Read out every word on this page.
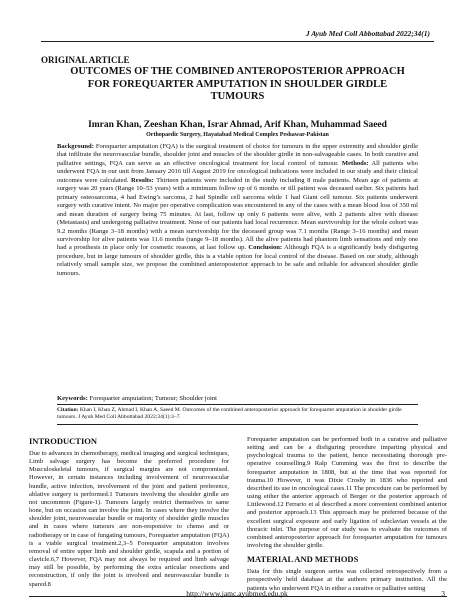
J Ayub Med Coll Abbottabad 2022;34(1)
ORIGINAL ARTICLE
OUTCOMES OF THE COMBINED ANTEROPOSTERIOR APPROACH
FOR FOREQUARTER AMPUTATION IN SHOULDER GIRDLE
TUMOURS
Imran Khan, Zeeshan Khan, Israr Ahmad, Arif Khan, Muhammad Saeed
Orthopaedic Surgery, Hayatabad Medical Complex Peshawar-Pakistan
Background: Forequarter amputation (FQA) is the surgical treatment of choice for tumours in the upper extremity and shoulder girdle that infiltrate the neurovascular bundle, shoulder joint and muscles of the shoulder girdle in non-salvageable cases. In both curative and palliative settings, FQA can serve as an effective oncological treatment for local control of tumour. Methods: All patients who underwent FQA in our unit from January 2016 till August 2019 for oncological indications were included in our study and their clinical outcomes were calculated. Results: Thirteen patients were included in the study including 8 male patients. Mean age of patients at surgery was 20 years (Range 10–53 years) with a minimum follow up of 6 months or till patient was deceased earlier. Six patients had primary osteosarcoma, 4 had Ewing’s sarcoma, 2 had Spindle cell sarcoma while 1 had Giant cell tumour. Six patients underwent surgery with curative intent. No major per operative complication was encountered in any of the cases with a mean blood loss of 350 ml and mean duration of surgery being 75 minutes. At last, follow up only 6 patients were alive, with 2 patients alive with disease (Metastasis) and undergoing palliative treatment. None of our patients had local recurrence. Mean survivorship for the whole cohort was 9.2 months (Range 3–18 months) with a mean survivorship for the deceased group was 7.1 months (Range 3–16 months) and mean survivorship for alive patients was 11.6 months (range 9–18 months). All the alive patients had phantom limb sensations and only one had a prosthesis in place only for cosmetic reasons, at last follow up. Conclusion: Although FQA is a significantly body disfiguring procedure, but in large tumours of shoulder girdle, this is a viable option for local control of the disease. Based on our study, although relatively small sample size, we propose the combined anteroposterior approach to be safe and reliable for advanced shoulder girdle tumours.
Keywords: Forequarter amputation; Tumour; Shoulder joint
Citation: Khan I, Khan Z, Ahmad I, Khan A, Saeed M. Outcomes of the combined anteroposterior approach for forequarter amputation in shoulder girdle tumours. J Ayub Med Coll Abbottabad 2022;34(1):3–7.
INTRODUCTION

Due to advances in chemotherapy, medical imaging and surgical techniques, Limb salvage surgery has become the preferred procedure for Musculoskeletal tumours, if surgical margins are not compromised. However, in certain instances including involvement of neurovascular bundle, active infection, involvement of the joint and patient preference, ablative surgery is performed.1 Tumours involving the shoulder girdle are not uncommon (Figure-1). Tumours largely restrict themselves to same bone, but on occasion can involve the joint. In cases where they involve the shoulder joint, neurovascular bundle or majority of shoulder girdle muscles and in cases where tumours are non-responsive to chemo and or radiotherapy or in case of fungating tumours, Forequarter amputation (FQA) is a viable surgical treatment.2,3–5 Forequarter amputation involves removal of entire upper limb and shoulder girdle, scapula and a portion of clavicle.6,7 However, FQA may not always be required and limb salvage may still be possible, by performing the extra articular resections and reconstruction, if only the joint is involved and neurovascular bundle is spared.8

Forequarter amputation can be performed both in a curative and palliative setting and can be a disfiguring procedure imparting physical and psychological trauma to the patient, hence necessitating thorough pre-operative counselling.9 Ralp Cumming was the first to describe the forequarter amputation in 1808, but at the time that was reported for trauma.10 However, it was Dixie Crosby in 1836 who reported and described its use in oncological cases.11 The procedure can be performed by using either the anterior approach of Berger or the posterior approach of Littlewood.12 Ferrario et al described a more convenient combined anterior and posterior approach.13 This approach may be preferred because of the excellent surgical exposure and early ligation of subclavian vessels at the thoracic inlet. The purpose of our study was to evaluate the outcomes of combined anteroposterior approach for forequarter amputation for tumours involving the shoulder girdle.

MATERIAL AND METHODS

Data for this single surgeon series was collected retrospectively from a prospectively held database at the authors primary institution. All the patients who underwent FQA in either a curative or palliative setting

http://www.jamc.ayubmed.edu.pk	3
